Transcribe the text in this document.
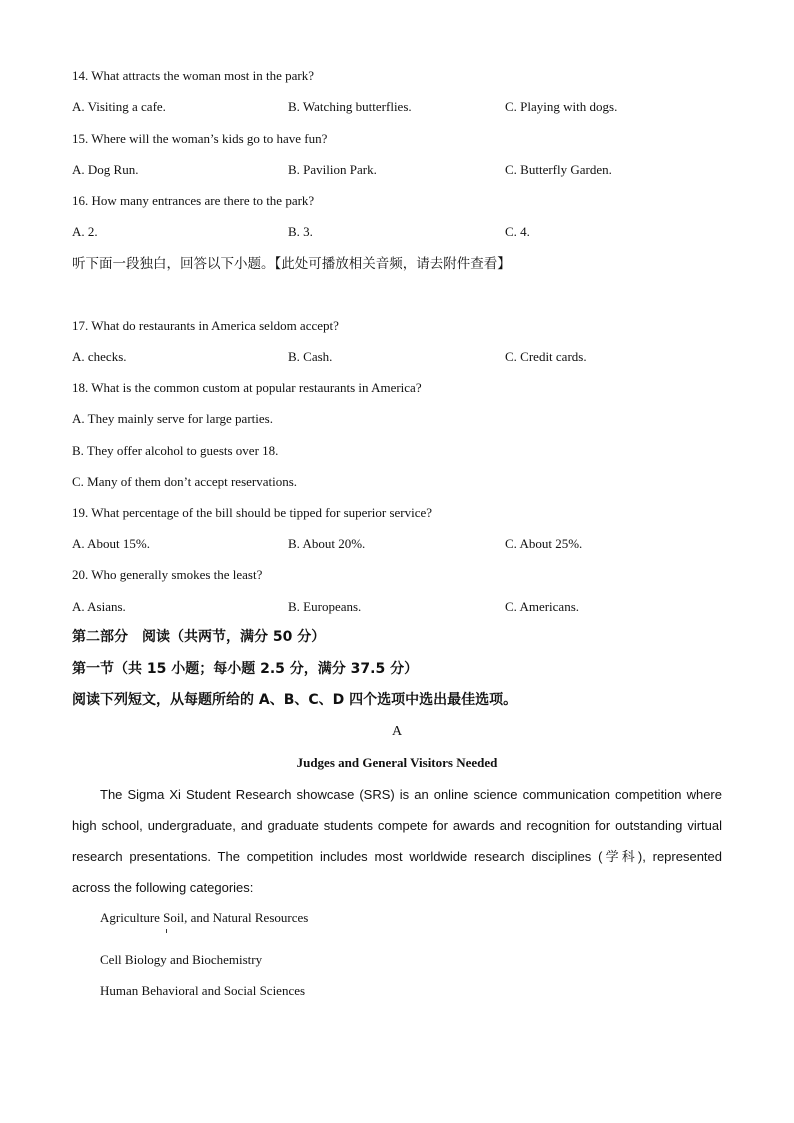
14. What attracts the woman most in the park?
A. Visiting a cafe.	B. Watching butterflies.	C. Playing with dogs.
15. Where will the woman’s kids go to have fun?
A. Dog Run.	B. Pavilion Park.	C. Butterfly Garden.
16. How many entrances are there to the park?
A. 2.	B. 3.	C. 4.
听下面一段独白，回答以下小题。【此处可播放相关音频，请去附件查看】
17. What do restaurants in America seldom accept?
A. checks.	B. Cash.	C. Credit cards.
18. What is the common custom at popular restaurants in America?
A. They mainly serve for large parties.
B. They offer alcohol to guests over 18.
C. Many of them don’t accept reservations.
19. What percentage of the bill should be tipped for superior service?
A. About 15%.	B. About 20%.	C. About 25%.
20. Who generally smokes the least?
A. Asians.	B. Europeans.	C. Americans.
第二部分　阅读（共两节，满分 50 分）
第一节（共 15 小题；每小题 2.5 分，满分 37.5 分）
阅读下列短文，从每题所给的 A、B、C、D 四个选项中选出最佳选项。
A
Judges and General Visitors Needed
The Sigma Xi Student Research showcase (SRS) is an online science communication competition where high school, undergraduate, and graduate students compete for awards and recognition for outstanding virtual research presentations. The competition includes most worldwide research disciplines (学科), represented across the following categories:
Agriculture Soil, and Natural Resources
Cell Biology and Biochemistry
Human Behavioral and Social Sciences
